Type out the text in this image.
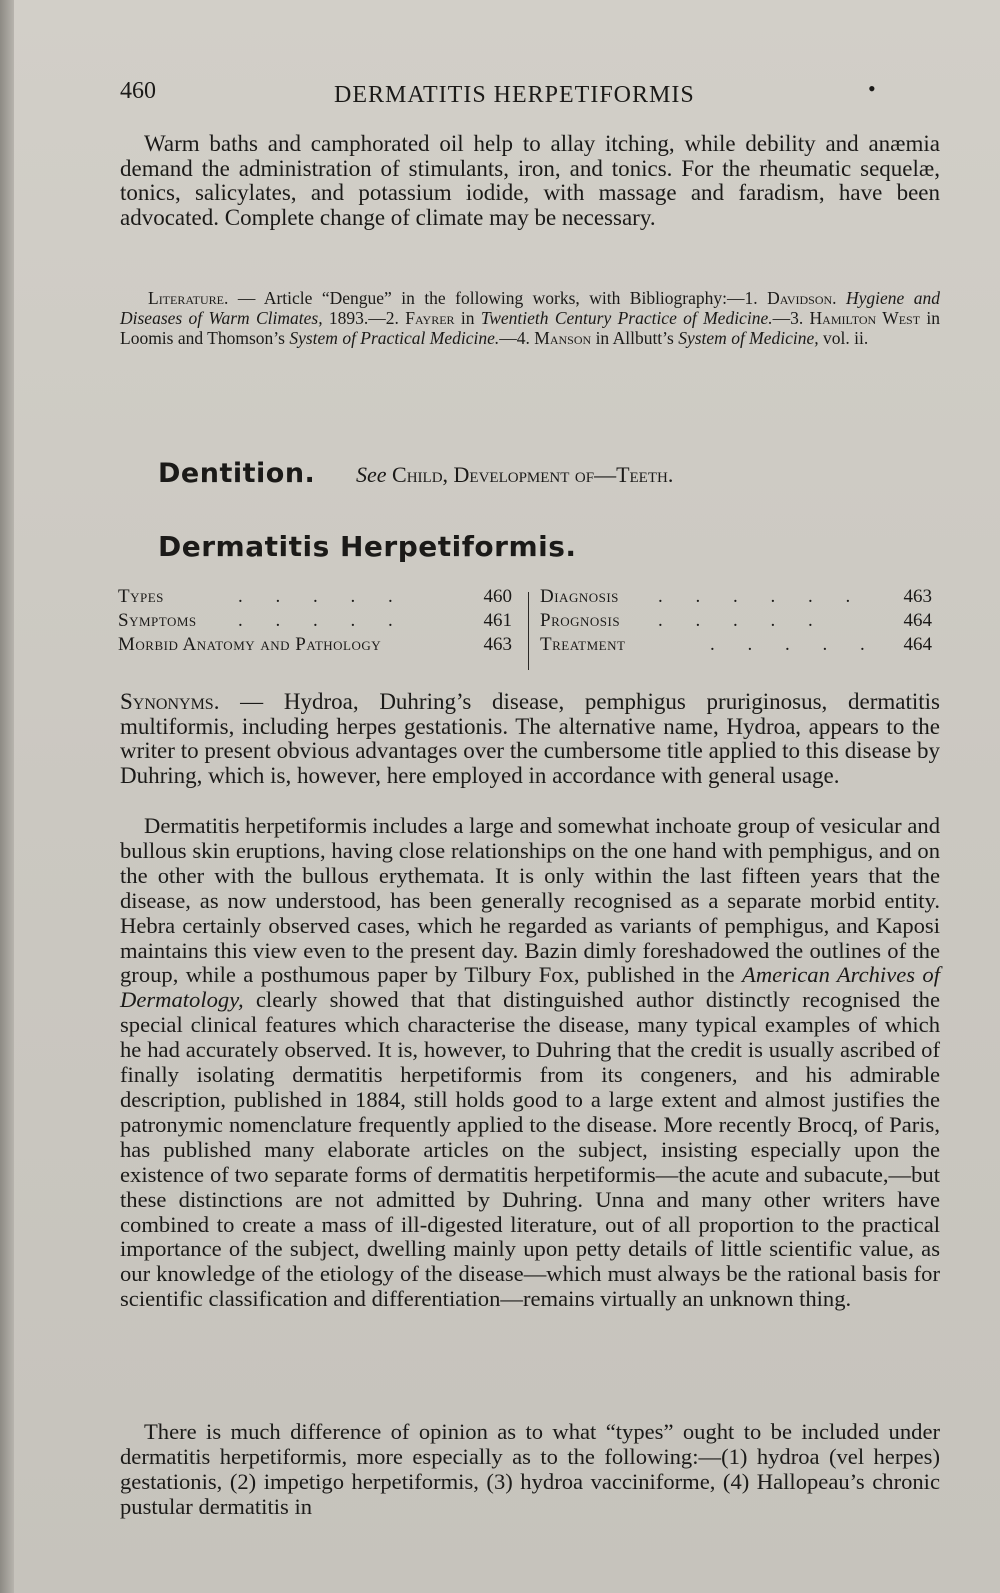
460	DERMATITIS HERPETIFORMIS	•

Warm baths and camphorated oil help to allay itching, while debility and anæmia demand the administration of stimulants, iron, and tonics. For the rheumatic sequelæ, tonics, salicylates, and potassium iodide, with massage and faradism, have been advocated. Complete change of climate may be necessary.

Literature. — Article “Dengue” in the following works, with Bibliography:—1. Davidson. Hygiene and Diseases of Warm Climates, 1893.—2. Fayrer in Twentieth Century Practice of Medicine.—3. Hamilton West in Loomis and Thomson’s System of Practical Medicine.—4. Manson in Allbutt’s System of Medicine, vol. ii.

Dentition. See Child, Development of—Teeth.
Dermatitis Herpetiformis.
Types	. . . . .	460
Symptoms . . . . .	461
Morbid Anatomy and Pathology	463
Diagnosis . . . . . . 463
Prognosis . . . . .	464
Treatment	. . . . . 464

Synonyms. — Hydroa, Duhring’s disease, pemphigus pruriginosus, dermatitis multiformis, including herpes gestationis. The alternative name, Hydroa, appears to the writer to present obvious advantages over the cumbersome title applied to this disease by Duhring, which is, however, here employed in accordance with general usage.

Dermatitis herpetiformis includes a large and somewhat inchoate group of vesicular and bullous skin eruptions, having close relationships on the one hand with pemphigus, and on the other with the bullous erythemata. It is only within the last fifteen years that the disease, as now understood, has been generally recognised as a separate morbid entity. Hebra certainly observed cases, which he regarded as variants of pemphigus, and Kaposi maintains this view even to the present day. Bazin dimly foreshadowed the outlines of the group, while a posthumous paper by Tilbury Fox, published in the American Archives of Dermatology, clearly showed that that distinguished author distinctly recognised the special clinical features which characterise the disease, many typical examples of which he had accurately observed. It is, however, to Duhring that the credit is usually ascribed of finally isolating dermatitis herpetiformis from its congeners, and his admirable description, published in 1884, still holds good to a large extent and almost justifies the patronymic nomenclature frequently applied to the disease. More recently Brocq, of Paris, has published many elaborate articles on the subject, insisting especially upon the existence of two separate forms of dermatitis herpetiformis—the acute and subacute,—but these distinctions are not admitted by Duhring. Unna and many other writers have combined to create a mass of ill-digested literature, out of all proportion to the practical importance of the subject, dwelling mainly upon petty details of little scientific value, as our knowledge of the etiology of the disease—which must always be the rational basis for scientific classification and differentiation—remains virtually an unknown thing.

There is much difference of opinion as to what “types” ought to be included under dermatitis herpetiformis, more especially as to the following:—(1) hydroa (vel herpes) gestationis, (2) impetigo herpetiformis, (3) hydroa vacciniforme, (4) Hallopeau’s chronic pustular dermatitis in
